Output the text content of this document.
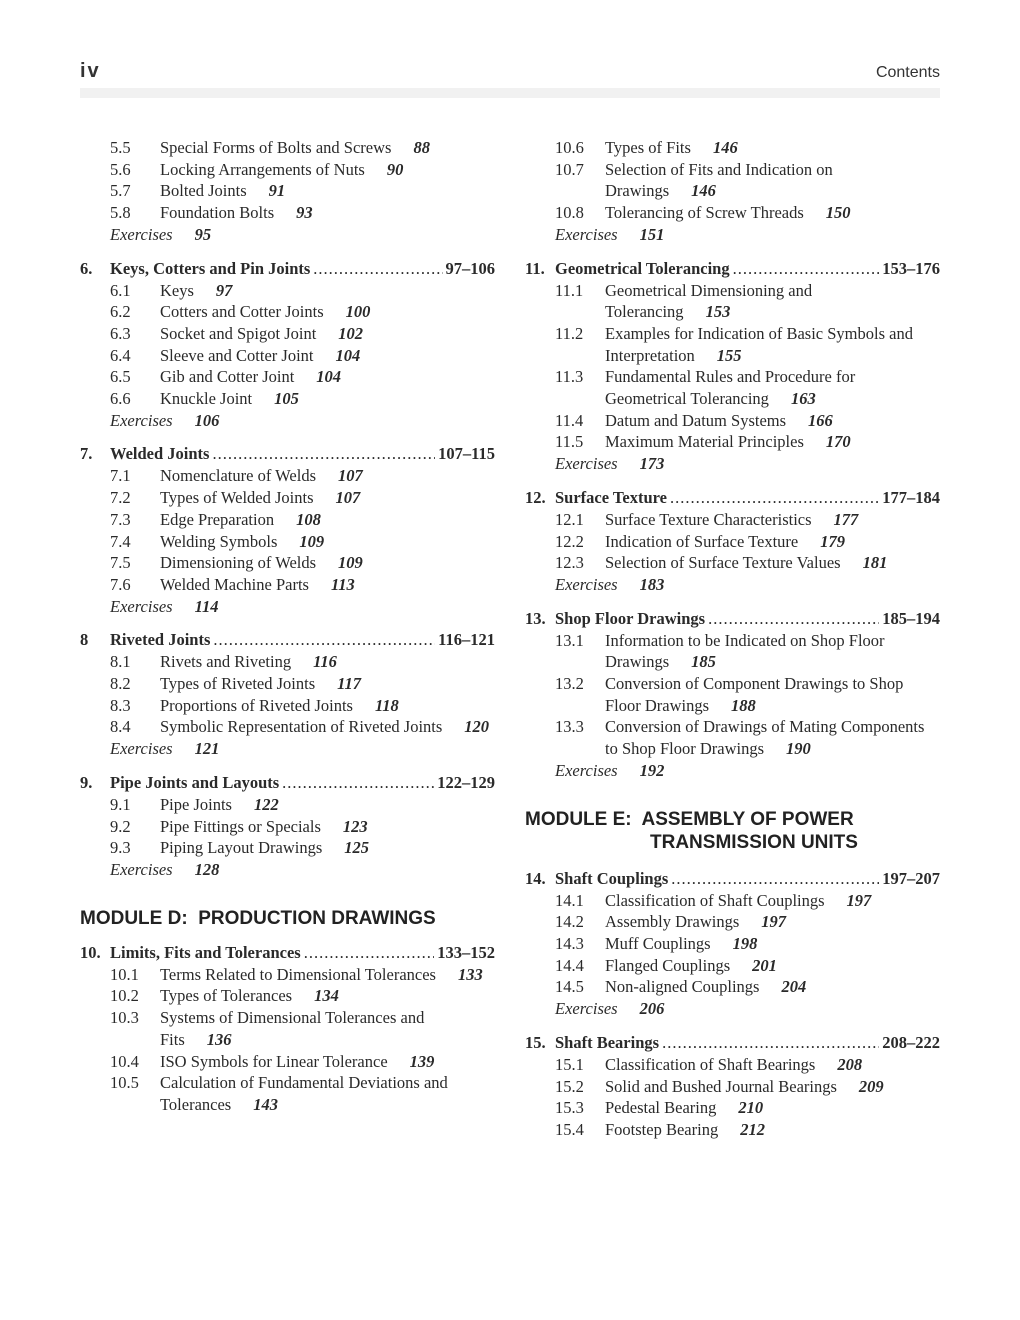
iv	Contents
5.5	Special Forms of Bolts and Screws 88
5.6	Locking Arrangements of Nuts 90
5.7	Bolted Joints 91
5.8	Foundation Bolts 93
Exercises 95
6.	Keys, Cotters and Pin Joints .....	97–106
6.1	Keys 97
6.2	Cotters and Cotter Joints 100
6.3	Socket and Spigot Joint 102
6.4	Sleeve and Cotter Joint 104
6.5	Gib and Cotter Joint 104
6.6	Knuckle Joint 105
Exercises 106
7.	Welded Joints .....	107–115
7.1	Nomenclature of Welds 107
7.2	Types of Welded Joints 107
7.3	Edge Preparation 108
7.4	Welding Symbols 109
7.5	Dimensioning of Welds 109
7.6	Welded Machine Parts 113
Exercises 114
8	Riveted Joints .....	116–121
8.1	Rivets and Riveting 116
8.2	Types of Riveted Joints 117
8.3	Proportions of Riveted Joints 118
8.4	Symbolic Representation of Riveted Joints 120
Exercises 121
9.	Pipe Joints and Layouts .....	122–129
9.1	Pipe Joints 122
9.2	Pipe Fittings or Specials 123
9.3	Piping Layout Drawings 125
Exercises 128
MODULE D: PRODUCTION DRAWINGS
10. Limits, Fits and Tolerances .....	133–152
10.1	Terms Related to Dimensional Tolerances 133
10.2	Types of Tolerances 134
10.3	Systems of Dimensional Tolerances and Fits 136
10.4	ISO Symbols for Linear Tolerance 139
10.5	Calculation of Fundamental Deviations and Tolerances 143
10.6	Types of Fits 146
10.7	Selection of Fits and Indication on Drawings 146
10.8	Tolerancing of Screw Threads 150
Exercises 151
11. Geometrical Tolerancing .....	153–176
11.1	Geometrical Dimensioning and Tolerancing 153
11.2	Examples for Indication of Basic Symbols and Interpretation 155
11.3	Fundamental Rules and Procedure for Geometrical Tolerancing 163
11.4	Datum and Datum Systems 166
11.5	Maximum Material Principles 170
Exercises 173
12. Surface Texture .....	177–184
12.1	Surface Texture Characteristics 177
12.2	Indication of Surface Texture 179
12.3	Selection of Surface Texture Values 181
Exercises 183
13. Shop Floor Drawings .....	185–194
13.1	Information to be Indicated on Shop Floor Drawings 185
13.2	Conversion of Component Drawings to Shop Floor Drawings 188
13.3	Conversion of Drawings of Mating Components to Shop Floor Drawings 190
Exercises 192
MODULE E: ASSEMBLY OF POWER
TRANSMISSION UNITS
14. Shaft Couplings .....	197–207
14.1	Classification of Shaft Couplings 197
14.2	Assembly Drawings 197
14.3	Muff Couplings 198
14.4	Flanged Couplings 201
14.5	Non-aligned Couplings 204
Exercises 206
15. Shaft Bearings .....	208–222
15.1	Classification of Shaft Bearings 208
15.2	Solid and Bushed Journal Bearings 209
15.3	Pedestal Bearing 210
15.4	Footstep Bearing 212
